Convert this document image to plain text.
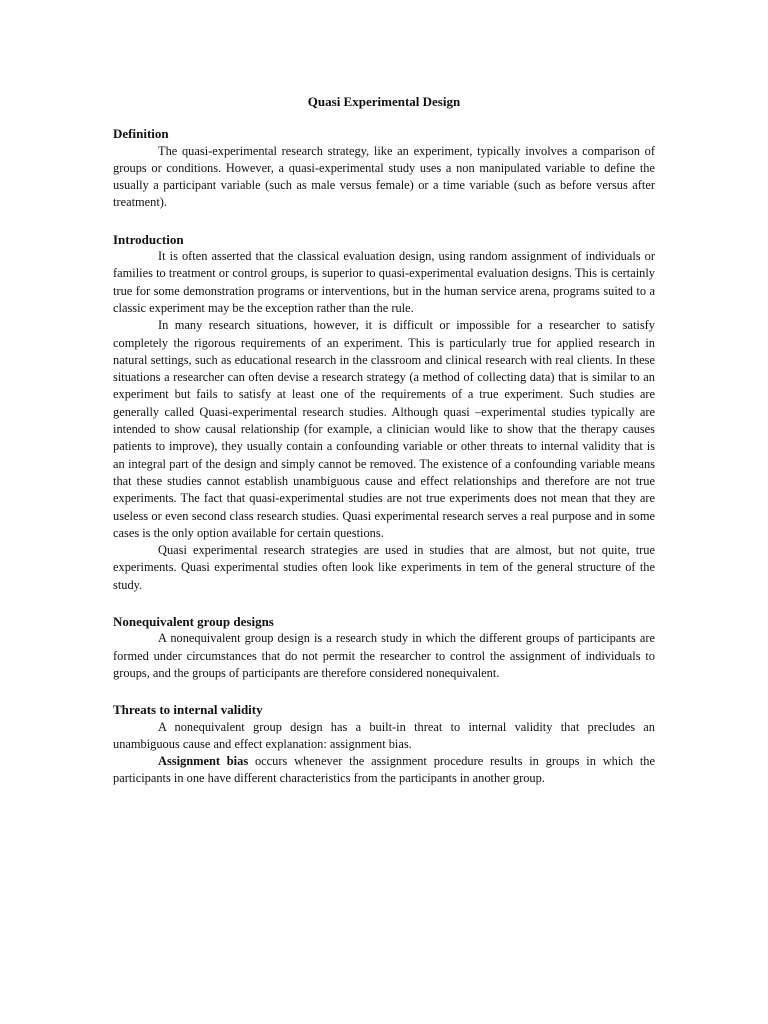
Quasi Experimental Design
Definition

The quasi-experimental research strategy, like an experiment, typically involves a comparison of groups or conditions. However, a quasi-experimental study uses a non manipulated variable to define the usually a participant variable (such as male versus female) or a time variable (such as before versus after treatment).

Introduction

It is often asserted that the classical evaluation design, using random assignment of individuals or families to treatment or control groups, is superior to quasi-experimental evaluation designs. This is certainly true for some demonstration programs or interventions, but in the human service arena, programs suited to a classic experiment may be the exception rather than the rule.

In many research situations, however, it is difficult or impossible for a researcher to satisfy completely the rigorous requirements of an experiment. This is particularly true for applied research in natural settings, such as educational research in the classroom and clinical research with real clients. In these situations a researcher can often devise a research strategy (a method of collecting data) that is similar to an experiment but fails to satisfy at least one of the requirements of a true experiment. Such studies are generally called Quasi-experimental research studies. Although quasi –experimental studies typically are intended to show causal relationship (for example, a clinician would like to show that the therapy causes patients to improve), they usually contain a confounding variable or other threats to internal validity that is an integral part of the design and simply cannot be removed. The existence of a confounding variable means that these studies cannot establish unambiguous cause and effect relationships and therefore are not true experiments. The fact that quasi-experimental studies are not true experiments does not mean that they are useless or even second class research studies. Quasi experimental research serves a real purpose and in some cases is the only option available for certain questions.

Quasi experimental research strategies are used in studies that are almost, but not quite, true experiments. Quasi experimental studies often look like experiments in tem of the general structure of the study.

Nonequivalent group designs

A nonequivalent group design is a research study in which the different groups of participants are formed under circumstances that do not permit the researcher to control the assignment of individuals to groups, and the groups of participants are therefore considered nonequivalent.

Threats to internal validity

A nonequivalent group design has a built-in threat to internal validity that precludes an unambiguous cause and effect explanation: assignment bias.

Assignment bias occurs whenever the assignment procedure results in groups in which the participants in one have different characteristics from the participants in another group.
